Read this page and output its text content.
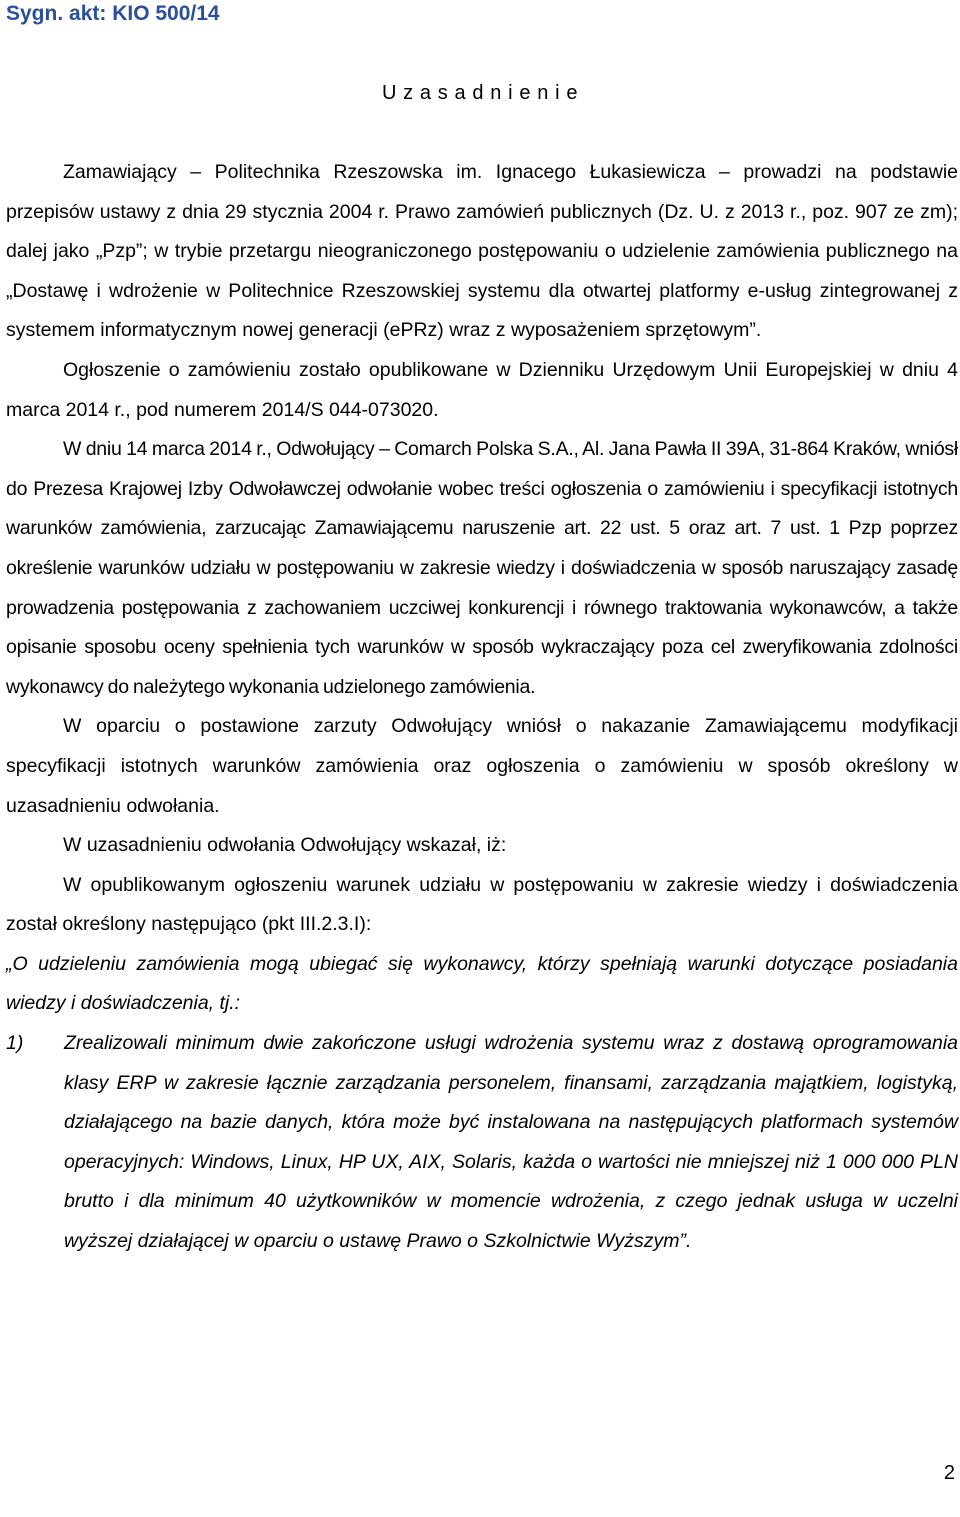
Sygn. akt: KIO 500/14
U z a s a d n i e n i e

Zamawiający – Politechnika Rzeszowska im. Ignacego Łukasiewicza – prowadzi na podstawie przepisów ustawy z dnia 29 stycznia 2004 r. Prawo zamówień publicznych (Dz. U. z 2013 r., poz. 907 ze zm); dalej jako „Pzp”; w trybie przetargu nieograniczonego postępowaniu o udzielenie zamówienia publicznego na „Dostawę i wdrożenie w Politechnice Rzeszowskiej systemu dla otwartej platformy e-usług zintegrowanej z systemem informatycznym nowej generacji (ePRz) wraz z wyposażeniem sprzętowym”.

Ogłoszenie o zamówieniu zostało opublikowane w Dzienniku Urzędowym Unii Europejskiej w dniu 4 marca 2014 r., pod numerem 2014/S 044-073020.

W dniu 14 marca 2014 r., Odwołujący – Comarch Polska S.A., Al. Jana Pawła II 39A, 31-864 Kraków, wniósł do Prezesa Krajowej Izby Odwoławczej odwołanie wobec treści ogłoszenia o zamówieniu i specyfikacji istotnych warunków zamówienia, zarzucając Zamawiającemu naruszenie art. 22 ust. 5 oraz art. 7 ust. 1 Pzp poprzez określenie warunków udziału w postępowaniu w zakresie wiedzy i doświadczenia w sposób naruszający zasadę prowadzenia postępowania z zachowaniem uczciwej konkurencji i równego traktowania wykonawców, a także opisanie sposobu oceny spełnienia tych warunków w sposób wykraczający poza cel zweryfikowania zdolności wykonawcy do należytego wykonania udzielonego zamówienia.

W oparciu o postawione zarzuty Odwołujący wniósł o nakazanie Zamawiającemu modyfikacji specyfikacji istotnych warunków zamówienia oraz ogłoszenia o zamówieniu w sposób określony w uzasadnieniu odwołania.

W uzasadnieniu odwołania Odwołujący wskazał, iż:

W opublikowanym ogłoszeniu warunek udziału w postępowaniu w zakresie wiedzy i doświadczenia został określony następująco (pkt III.2.3.I):

„O udzieleniu zamówienia mogą ubiegać się wykonawcy, którzy spełniają warunki dotyczące posiadania wiedzy i doświadczenia, tj.:

1) Zrealizowali minimum dwie zakończone usługi wdrożenia systemu wraz z dostawą oprogramowania klasy ERP w zakresie łącznie zarządzania personelem, finansami, zarządzania majątkiem, logistyką, działającego na bazie danych, która może być instalowana na następujących platformach systemów operacyjnych: Windows, Linux, HP UX, AIX, Solaris, każda o wartości nie mniejszej niż 1 000 000 PLN brutto i dla minimum 40 użytkowników w momencie wdrożenia, z czego jednak usługa w uczelni wyższej działającej w oparciu o ustawę Prawo o Szkolnictwie Wyższym”.
2
